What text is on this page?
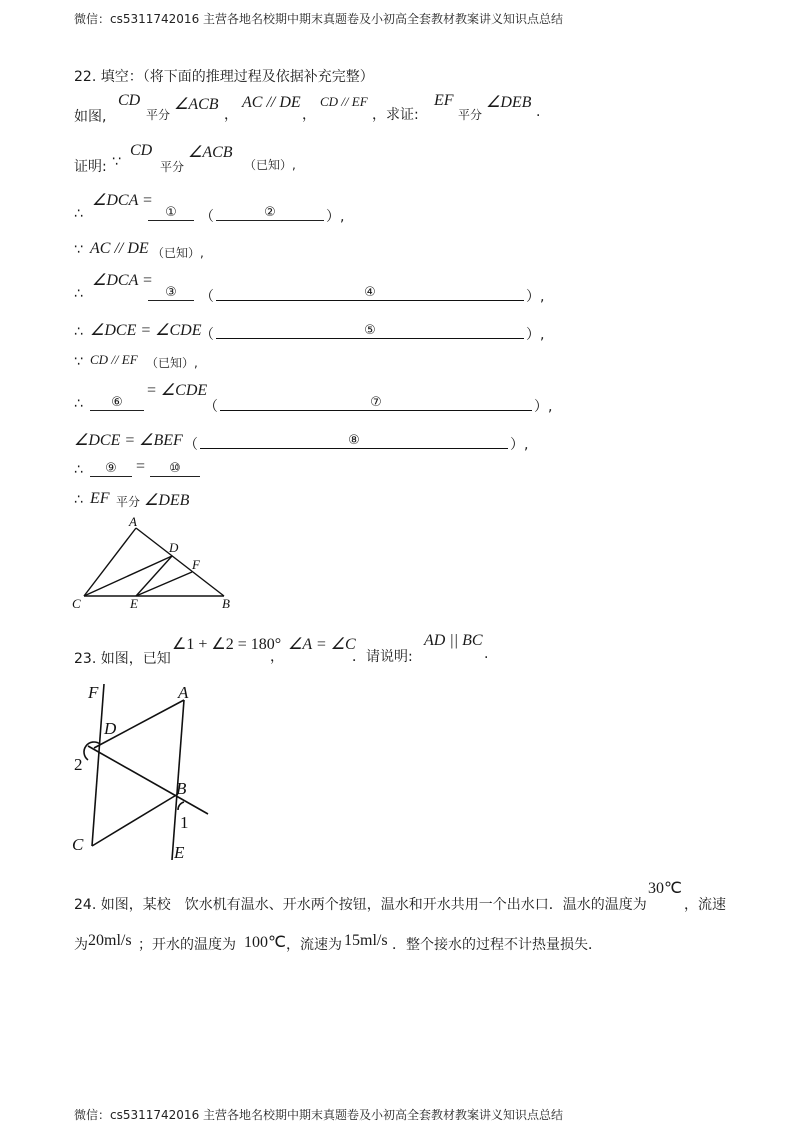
微信：cs5311742016 主营各地名校期中期末真题卷及小初高全套教材教案讲义知识点总结
22. 填空：（将下面的推理过程及依据补充完整）
如图,
CD
平分
∠ACB
，
AC // DE
，
CD // EF
，求证:
EF
平分
∠DEB
.
证明: ∵
CD
平分
∠ACB
（已知）,
∴
∠DCA =
①	（	②	）,
∵ AC // DE （已知）,
∴
∠DCA =
③	（	④	）,
∴ ∠DCE = ∠CDE
（	⑤	）,
∵ CD // EF （已知）,
∴	⑥
= ∠CDE
（	⑦	）,
∠DCE = ∠BEF （	⑧	）,
∴	⑨	=	⑩
∴ EF 平分 ∠DEB
A
D
F
C	E	B
23. 如图，已知
∠1 + ∠2 = 180°
，
∠A = ∠C
．请说明:
AD || BC
.
F	A
D
B
C	E
2
1
24. 如图，某校　饮水机有温水、开水两个按钮，温水和开水共用一个出水口．温水的温度为
30℃
，流速
为 20ml/s ；开水的温度为 100℃ ，流速为 15ml/s ．整个接水的过程不计热量损失．
微信：cs5311742016 主营各地名校期中期末真题卷及小初高全套教材教案讲义知识点总结
